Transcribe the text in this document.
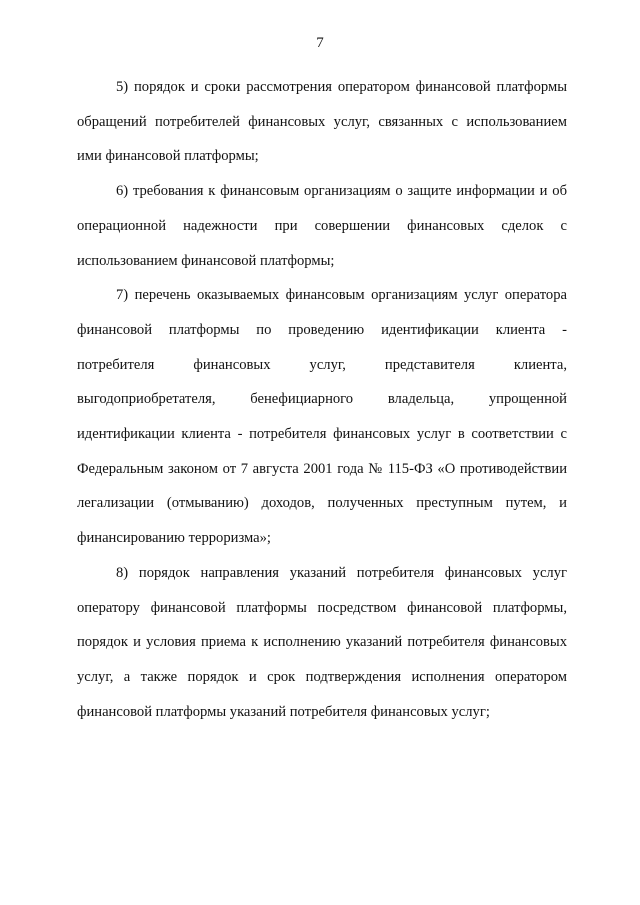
7

5) порядок и сроки рассмотрения оператором финансовой платформы обращений потребителей финансовых услуг, связанных с использованием ими финансовой платформы;

6) требования к финансовым организациям о защите информации и об операционной надежности при совершении финансовых сделок с использованием финансовой платформы;

7) перечень оказываемых финансовым организациям услуг оператора финансовой платформы по проведению идентификации клиента - потребителя финансовых услуг, представителя клиента, выгодоприобретателя, бенефициарного владельца, упрощенной идентификации клиента - потребителя финансовых услуг в соответствии с Федеральным законом от 7 августа 2001 года № 115-ФЗ «О противодействии легализации (отмыванию) доходов, полученных преступным путем, и финансированию терроризма»;

8) порядок направления указаний потребителя финансовых услуг оператору финансовой платформы посредством финансовой платформы, порядок и условия приема к исполнению указаний потребителя финансовых услуг, а также порядок и срок подтверждения исполнения оператором финансовой платформы указаний потребителя финансовых услуг;
